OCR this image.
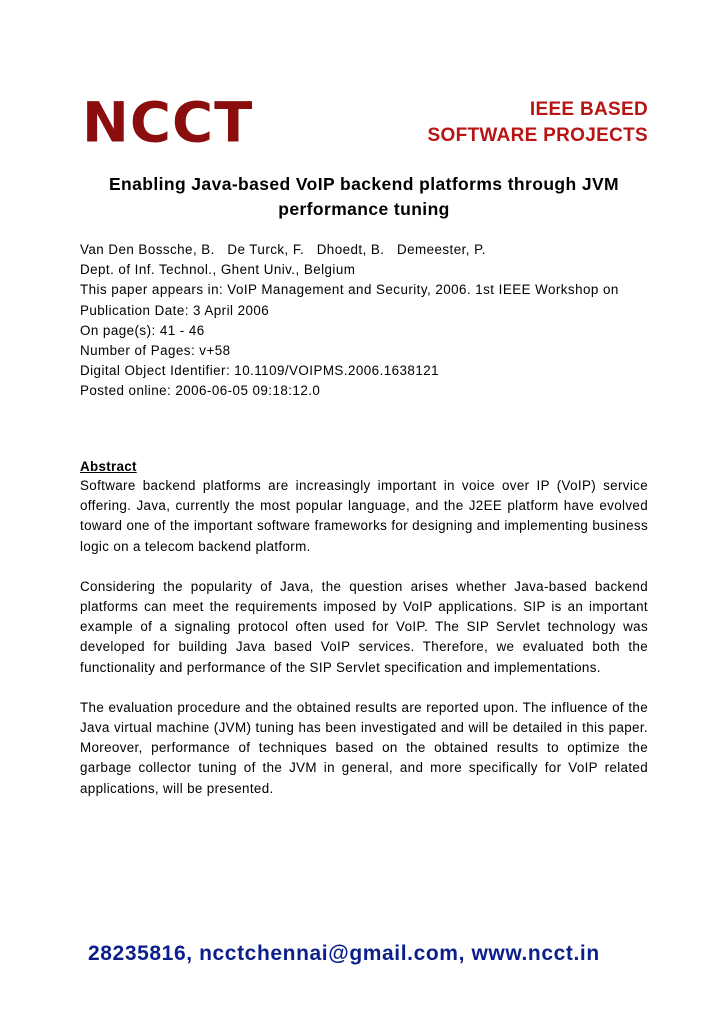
NCCT	IEEE BASED
SOFTWARE PROJECTS
Enabling Java-based VoIP backend platforms through JVM
performance tuning
Van Den Bossche, B.   De Turck, F.   Dhoedt, B.   Demeester, P.
Dept. of Inf. Technol., Ghent Univ., Belgium
This paper appears in: VoIP Management and Security, 2006. 1st IEEE Workshop on
Publication Date: 3 April 2006
On page(s): 41 - 46
Number of Pages: v+58
Digital Object Identifier: 10.1109/VOIPMS.2006.1638121
Posted online: 2006-06-05 09:18:12.0
Abstract

Software backend platforms are increasingly important in voice over IP (VoIP) service offering. Java, currently the most popular language, and the J2EE platform have evolved toward one of the important software frameworks for designing and implementing business logic on a telecom backend platform.

Considering the popularity of Java, the question arises whether Java-based backend platforms can meet the requirements imposed by VoIP applications. SIP is an important example of a signaling protocol often used for VoIP. The SIP Servlet technology was developed for building Java based VoIP services. Therefore, we evaluated both the functionality and performance of the SIP Servlet specification and implementations.

The evaluation procedure and the obtained results are reported upon. The influence of the Java virtual machine (JVM) tuning has been investigated and will be detailed in this paper. Moreover, performance of techniques based on the obtained results to optimize the garbage collector tuning of the JVM in general, and more specifically for VoIP related applications, will be presented.

28235816, ncctchennai@gmail.com, www.ncct.in
